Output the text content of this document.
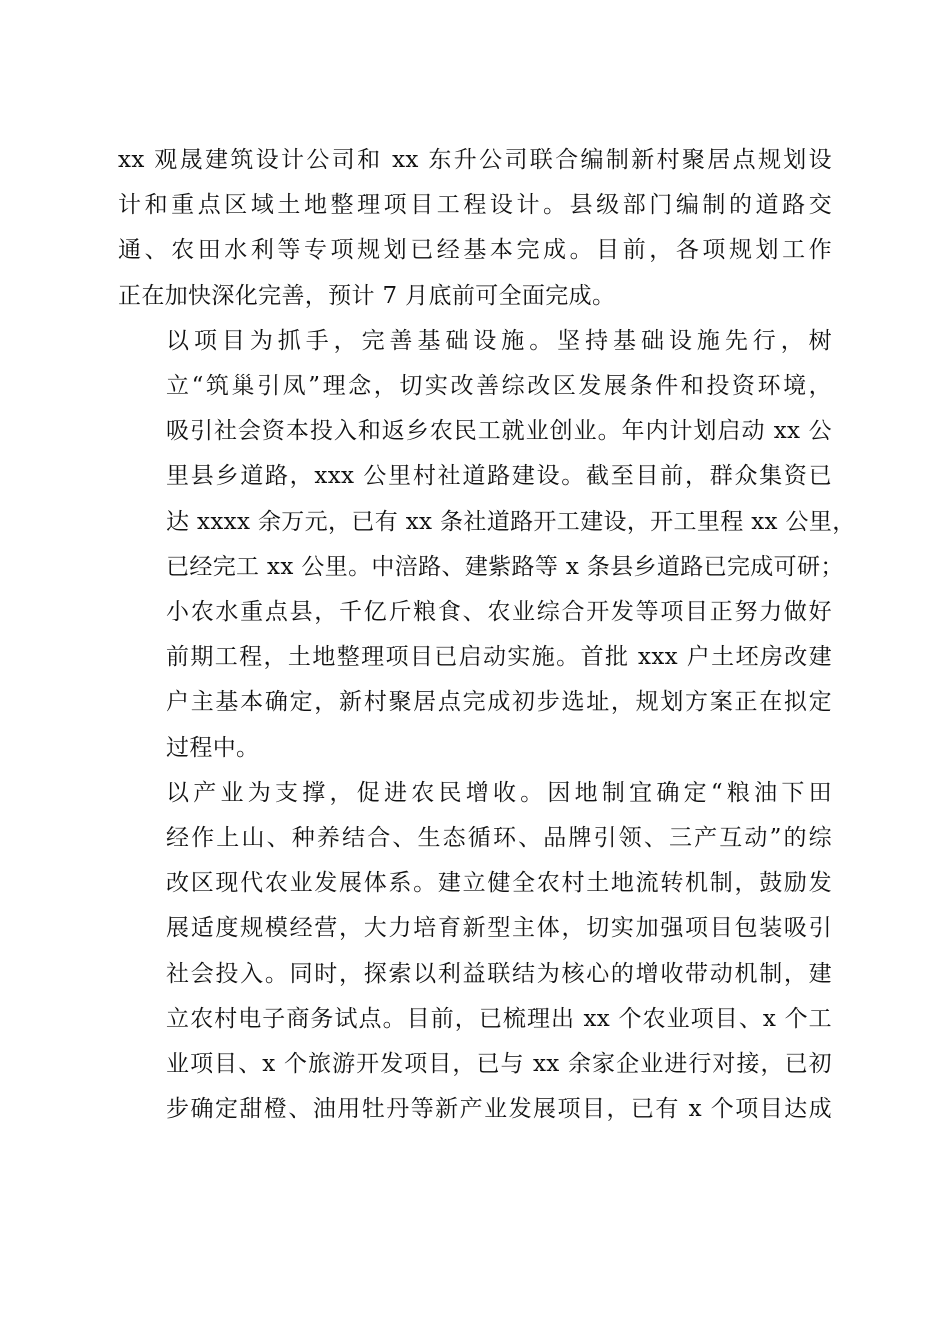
xx 观晟建筑设计公司和 xx 东升公司联合编制新村聚居点规划设
计和重点区域土地整理项目工程设计。县级部门编制的道路交
通、农田水利等专项规划已经基本完成。目前，各项规划工作
正在加快深化完善，预计 7 月底前可全面完成。

以项目为抓手，完善基础设施。坚持基础设施先行，树
立“筑巢引凤”理念，切实改善综改区发展条件和投资环境，
吸引社会资本投入和返乡农民工就业创业。年内计划启动 xx 公
里县乡道路，xxx 公里村社道路建设。截至目前，群众集资已
达 xxxx 余万元，已有 xx 条社道路开工建设，开工里程 xx 公里，
已经完工 xx 公里。中涪路、建紫路等 x 条县乡道路已完成可研；
小农水重点县，千亿斤粮食、农业综合开发等项目正努力做好
前期工程，土地整理项目已启动实施。首批 xxx 户土坯房改建
户主基本确定，新村聚居点完成初步选址，规划方案正在拟定
过程中。

以产业为支撑，促进农民增收。因地制宜确定“粮油下田
经作上山、种养结合、生态循环、品牌引领、三产互动”的综
改区现代农业发展体系。建立健全农村土地流转机制，鼓励发
展适度规模经营，大力培育新型主体，切实加强项目包装吸引
社会投入。同时，探索以利益联结为核心的增收带动机制，建
立农村电子商务试点。目前，已梳理出 xx 个农业项目、x 个工
业项目、x 个旅游开发项目，已与 xx 余家企业进行对接，已初
步确定甜橙、油用牡丹等新产业发展项目，已有 x 个项目达成
